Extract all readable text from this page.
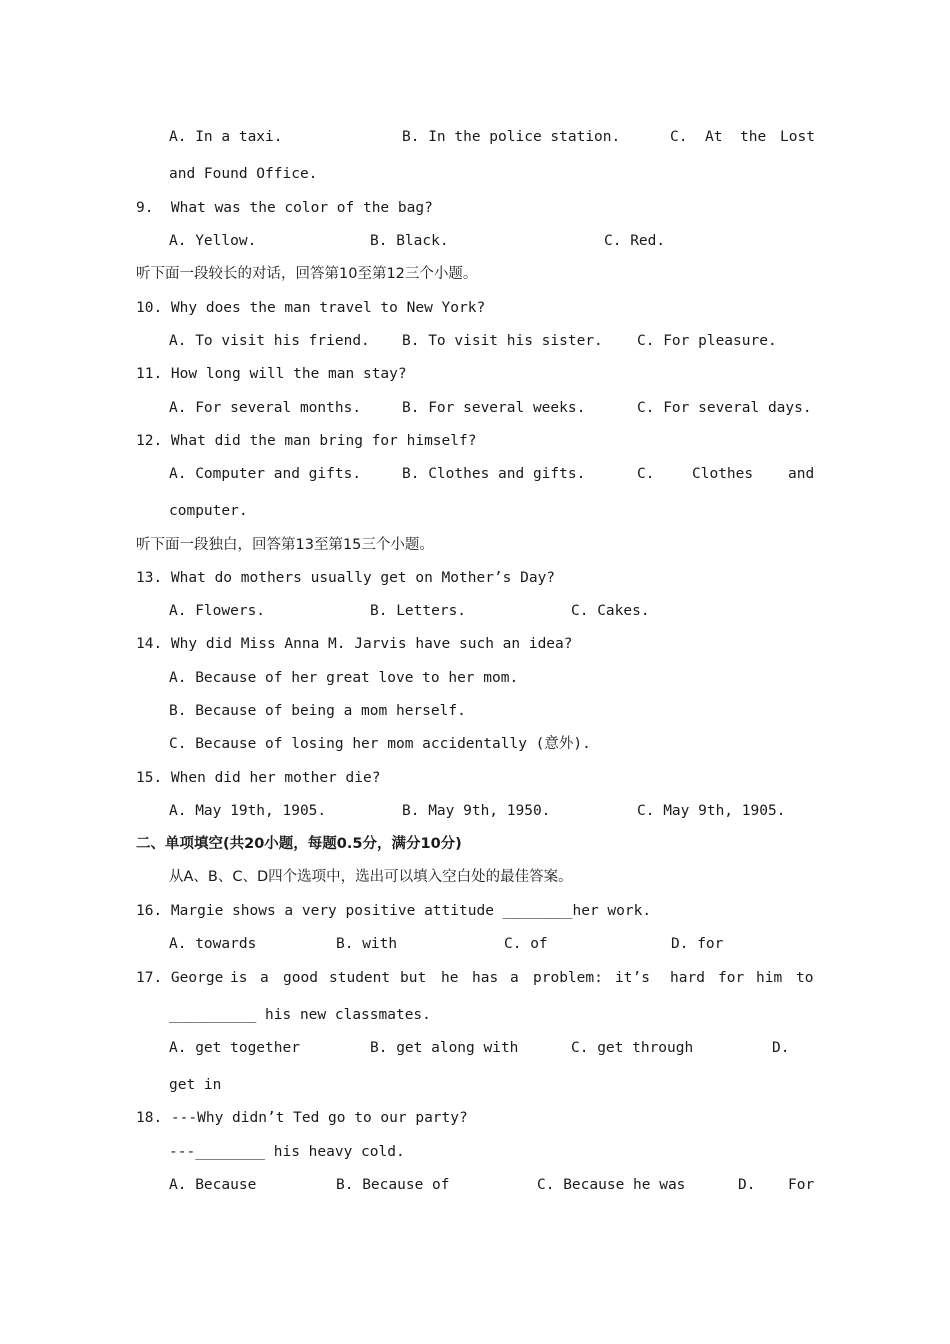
A. In a taxi.	B. In the police station.	C. At the Lost
and Found Office.
9.  What was the color of the bag?
A. Yellow.	B. Black.	C. Red.
听下面一段较长的对话，回答第10至第12三个小题。
10. Why does the man travel to New York?
A. To visit his friend. B. To visit his sister. C. For pleasure.
11. How long will the man stay?
A. For several months.	B. For several weeks.	C. For several days.
12. What did the man bring for himself?
A. Computer and gifts.	B. Clothes and gifts.	C.	Clothes and
computer.
听下面一段独白，回答第13至第15三个小题。
13. What do mothers usually get on Mother’s Day?
A. Flowers.	B. Letters.	C. Cakes.
14. Why did Miss Anna M. Jarvis have such an idea?
A. Because of her great love to her mom.
B. Because of being a mom herself.
C. Because of losing her mom accidentally (意外).
15. When did her mother die?
A. May 19th, 1905.	B. May 9th, 1950.	C. May 9th, 1905.
二、单项填空(共20小题，每题0.5分，满分10分)
从A、B、C、D四个选项中，选出可以填入空白处的最佳答案。
16. Margie shows a very positive attitude ________her work.
A. towards	B. with	C. of	D. for
17. George is a good student but he has a problem: it’s hard for him to
__________ his new classmates.
A. get together	B. get along with	C. get through	D.
get in
18. ---Why didn’t Ted go to our party?
---________ his heavy cold.
A. Because	B. Because of	C. Because he was	D. For
